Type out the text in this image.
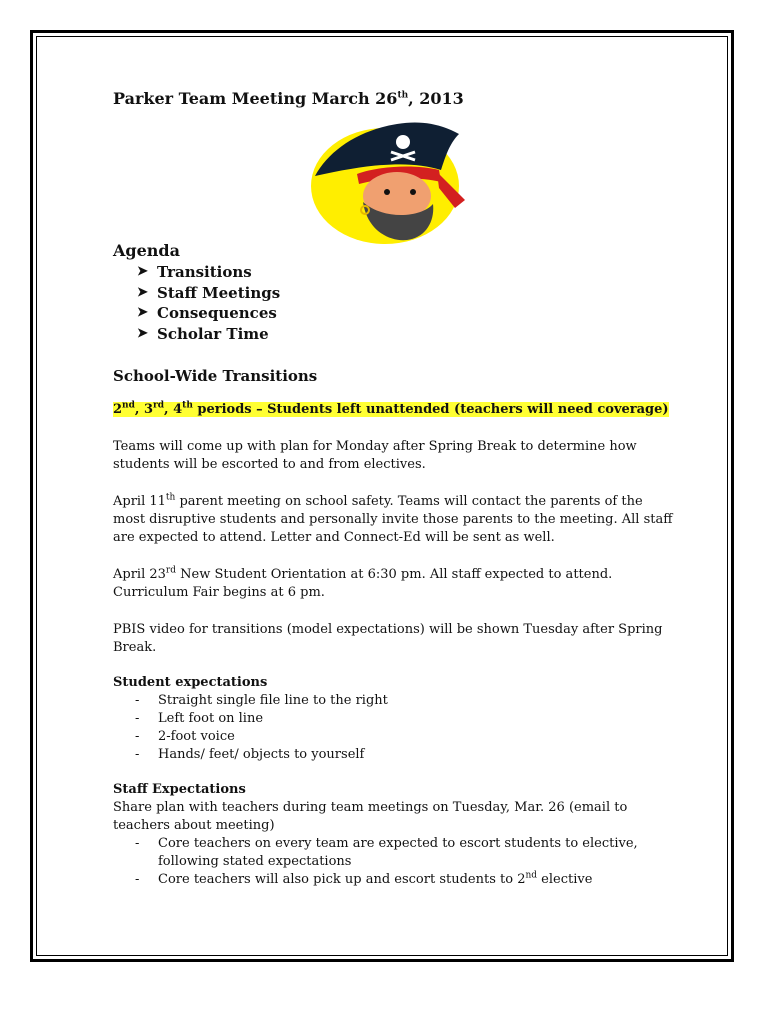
Parker Team Meeting March 26th, 2013
Agenda
➤ Transitions
➤ Staff Meetings
➤ Consequences
➤ Scholar Time
School-Wide Transitions

2nd, 3rd, 4th periods – Students left unattended (teachers will need coverage)

Teams will come up with plan for Monday after Spring Break to determine how students will be escorted to and from electives.

April 11th parent meeting on school safety. Teams will contact the parents of the most disruptive students and personally invite those parents to the meeting. All staff are expected to attend. Letter and Connect-Ed will be sent as well.

April 23rd New Student Orientation at 6:30 pm. All staff expected to attend. Curriculum Fair begins at 6 pm.

PBIS video for transitions (model expectations) will be shown Tuesday after Spring Break.

Student expectations
-	Straight single file line to the right
-	Left foot on line
-	2-foot voice
-	Hands/ feet/ objects to yourself
Staff Expectations

Share plan with teachers during team meetings on Tuesday, Mar. 26 (email to teachers about meeting)

-	Core teachers on every team are expected to escort students to elective, following stated expectations
-	Core teachers will also pick up and escort students to 2nd elective
